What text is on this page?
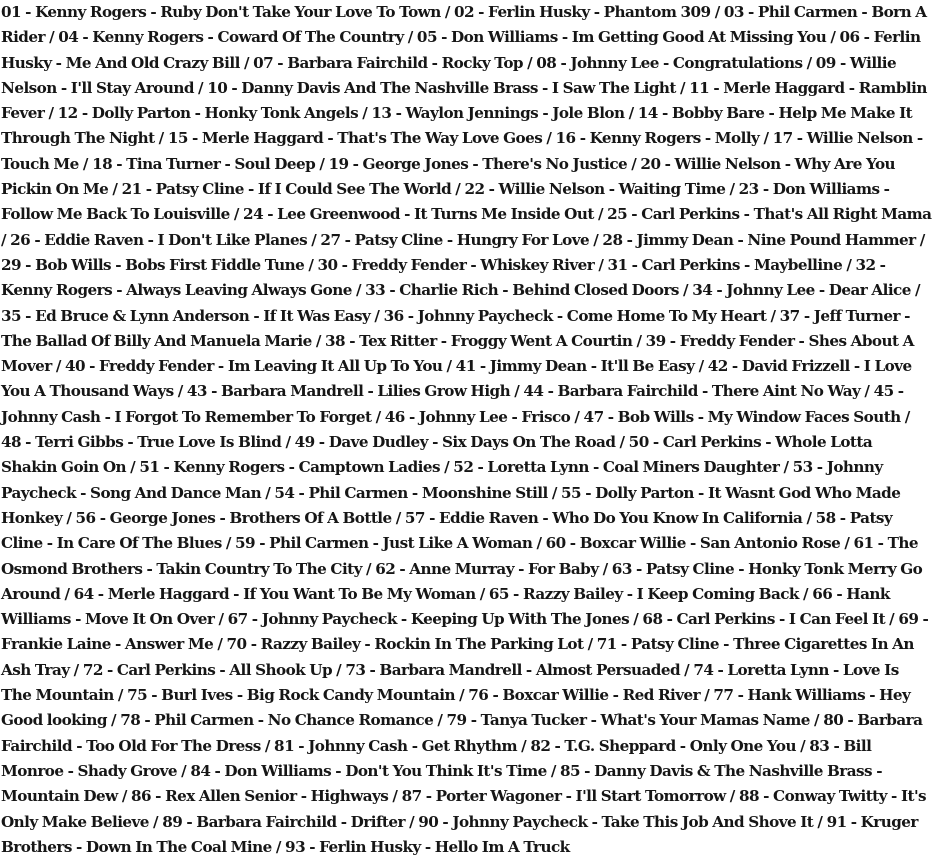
01 - Kenny Rogers - Ruby Don't Take Your Love To Town / 02 - Ferlin Husky - Phantom 309 / 03 - Phil Carmen - Born A Rider / 04 - Kenny Rogers - Coward Of The Country / 05 - Don Williams - Im Getting Good At Missing You / 06 - Ferlin Husky - Me And Old Crazy Bill / 07 - Barbara Fairchild - Rocky Top / 08 - Johnny Lee - Congratulations / 09 - Willie Nelson - I'll Stay Around / 10 - Danny Davis And The Nashville Brass - I Saw The Light / 11 - Merle Haggard - Ramblin Fever / 12 - Dolly Parton - Honky Tonk Angels / 13 - Waylon Jennings - Jole Blon / 14 - Bobby Bare - Help Me Make It Through The Night / 15 - Merle Haggard - That's The Way Love Goes / 16 - Kenny Rogers - Molly / 17 - Willie Nelson - Touch Me / 18 - Tina Turner - Soul Deep / 19 - George Jones - There's No Justice / 20 - Willie Nelson - Why Are You Pickin On Me / 21 - Patsy Cline - If I Could See The World / 22 - Willie Nelson - Waiting Time / 23 - Don Williams - Follow Me Back To Louisville / 24 - Lee Greenwood - It Turns Me Inside Out / 25 - Carl Perkins - That's All Right Mama / 26 - Eddie Raven - I Don't Like Planes / 27 - Patsy Cline - Hungry For Love / 28 - Jimmy Dean - Nine Pound Hammer / 29 - Bob Wills - Bobs First Fiddle Tune / 30 - Freddy Fender - Whiskey River / 31 - Carl Perkins - Maybelline / 32 - Kenny Rogers - Always Leaving Always Gone / 33 - Charlie Rich - Behind Closed Doors / 34 - Johnny Lee - Dear Alice / 35 - Ed Bruce & Lynn Anderson - If It Was Easy / 36 - Johnny Paycheck - Come Home To My Heart / 37 - Jeff Turner - The Ballad Of Billy And Manuela Marie / 38 - Tex Ritter - Froggy Went A Courtin / 39 - Freddy Fender - Shes About A Mover / 40 - Freddy Fender - Im Leaving It All Up To You / 41 - Jimmy Dean - It'll Be Easy / 42 - David Frizzell - I Love You A Thousand Ways / 43 - Barbara Mandrell - Lilies Grow High / 44 - Barbara Fairchild - There Aint No Way / 45 - Johnny Cash - I Forgot To Remember To Forget / 46 - Johnny Lee - Frisco / 47 - Bob Wills - My Window Faces South / 48 - Terri Gibbs - True Love Is Blind / 49 - Dave Dudley - Six Days On The Road / 50 - Carl Perkins - Whole Lotta Shakin Goin On / 51 - Kenny Rogers - Camptown Ladies / 52 - Loretta Lynn - Coal Miners Daughter / 53 - Johnny Paycheck - Song And Dance Man / 54 - Phil Carmen - Moonshine Still / 55 - Dolly Parton - It Wasnt God Who Made Honkey / 56 - George Jones - Brothers Of A Bottle / 57 - Eddie Raven - Who Do You Know In California / 58 - Patsy Cline - In Care Of The Blues / 59 - Phil Carmen - Just Like A Woman / 60 - Boxcar Willie - San Antonio Rose / 61 - The Osmond Brothers - Takin Country To The City / 62 - Anne Murray - For Baby / 63 - Patsy Cline - Honky Tonk Merry Go Around / 64 - Merle Haggard - If You Want To Be My Woman / 65 - Razzy Bailey - I Keep Coming Back / 66 - Hank Williams - Move It On Over / 67 - Johnny Paycheck - Keeping Up With The Jones / 68 - Carl Perkins - I Can Feel It / 69 - Frankie Laine - Answer Me / 70 - Razzy Bailey - Rockin In The Parking Lot / 71 - Patsy Cline - Three Cigarettes In An Ash Tray / 72 - Carl Perkins - All Shook Up / 73 - Barbara Mandrell - Almost Persuaded / 74 - Loretta Lynn - Love Is The Mountain / 75 - Burl Ives - Big Rock Candy Mountain / 76 - Boxcar Willie - Red River / 77 - Hank Williams - Hey Good looking / 78 - Phil Carmen - No Chance Romance / 79 - Tanya Tucker - What's Your Mamas Name / 80 - Barbara Fairchild - Too Old For The Dress / 81 - Johnny Cash - Get Rhythm / 82 - T.G. Sheppard - Only One You / 83 - Bill Monroe - Shady Grove / 84 - Don Williams - Don't You Think It's Time / 85 - Danny Davis & The Nashville Brass - Mountain Dew / 86 - Rex Allen Senior - Highways / 87 - Porter Wagoner - I'll Start Tomorrow / 88 - Conway Twitty - It's Only Make Believe / 89 - Barbara Fairchild - Drifter / 90 - Johnny Paycheck - Take This Job And Shove It / 91 - Kruger Brothers - Down In The Coal Mine / 93 - Ferlin Husky - Hello Im A Truck
